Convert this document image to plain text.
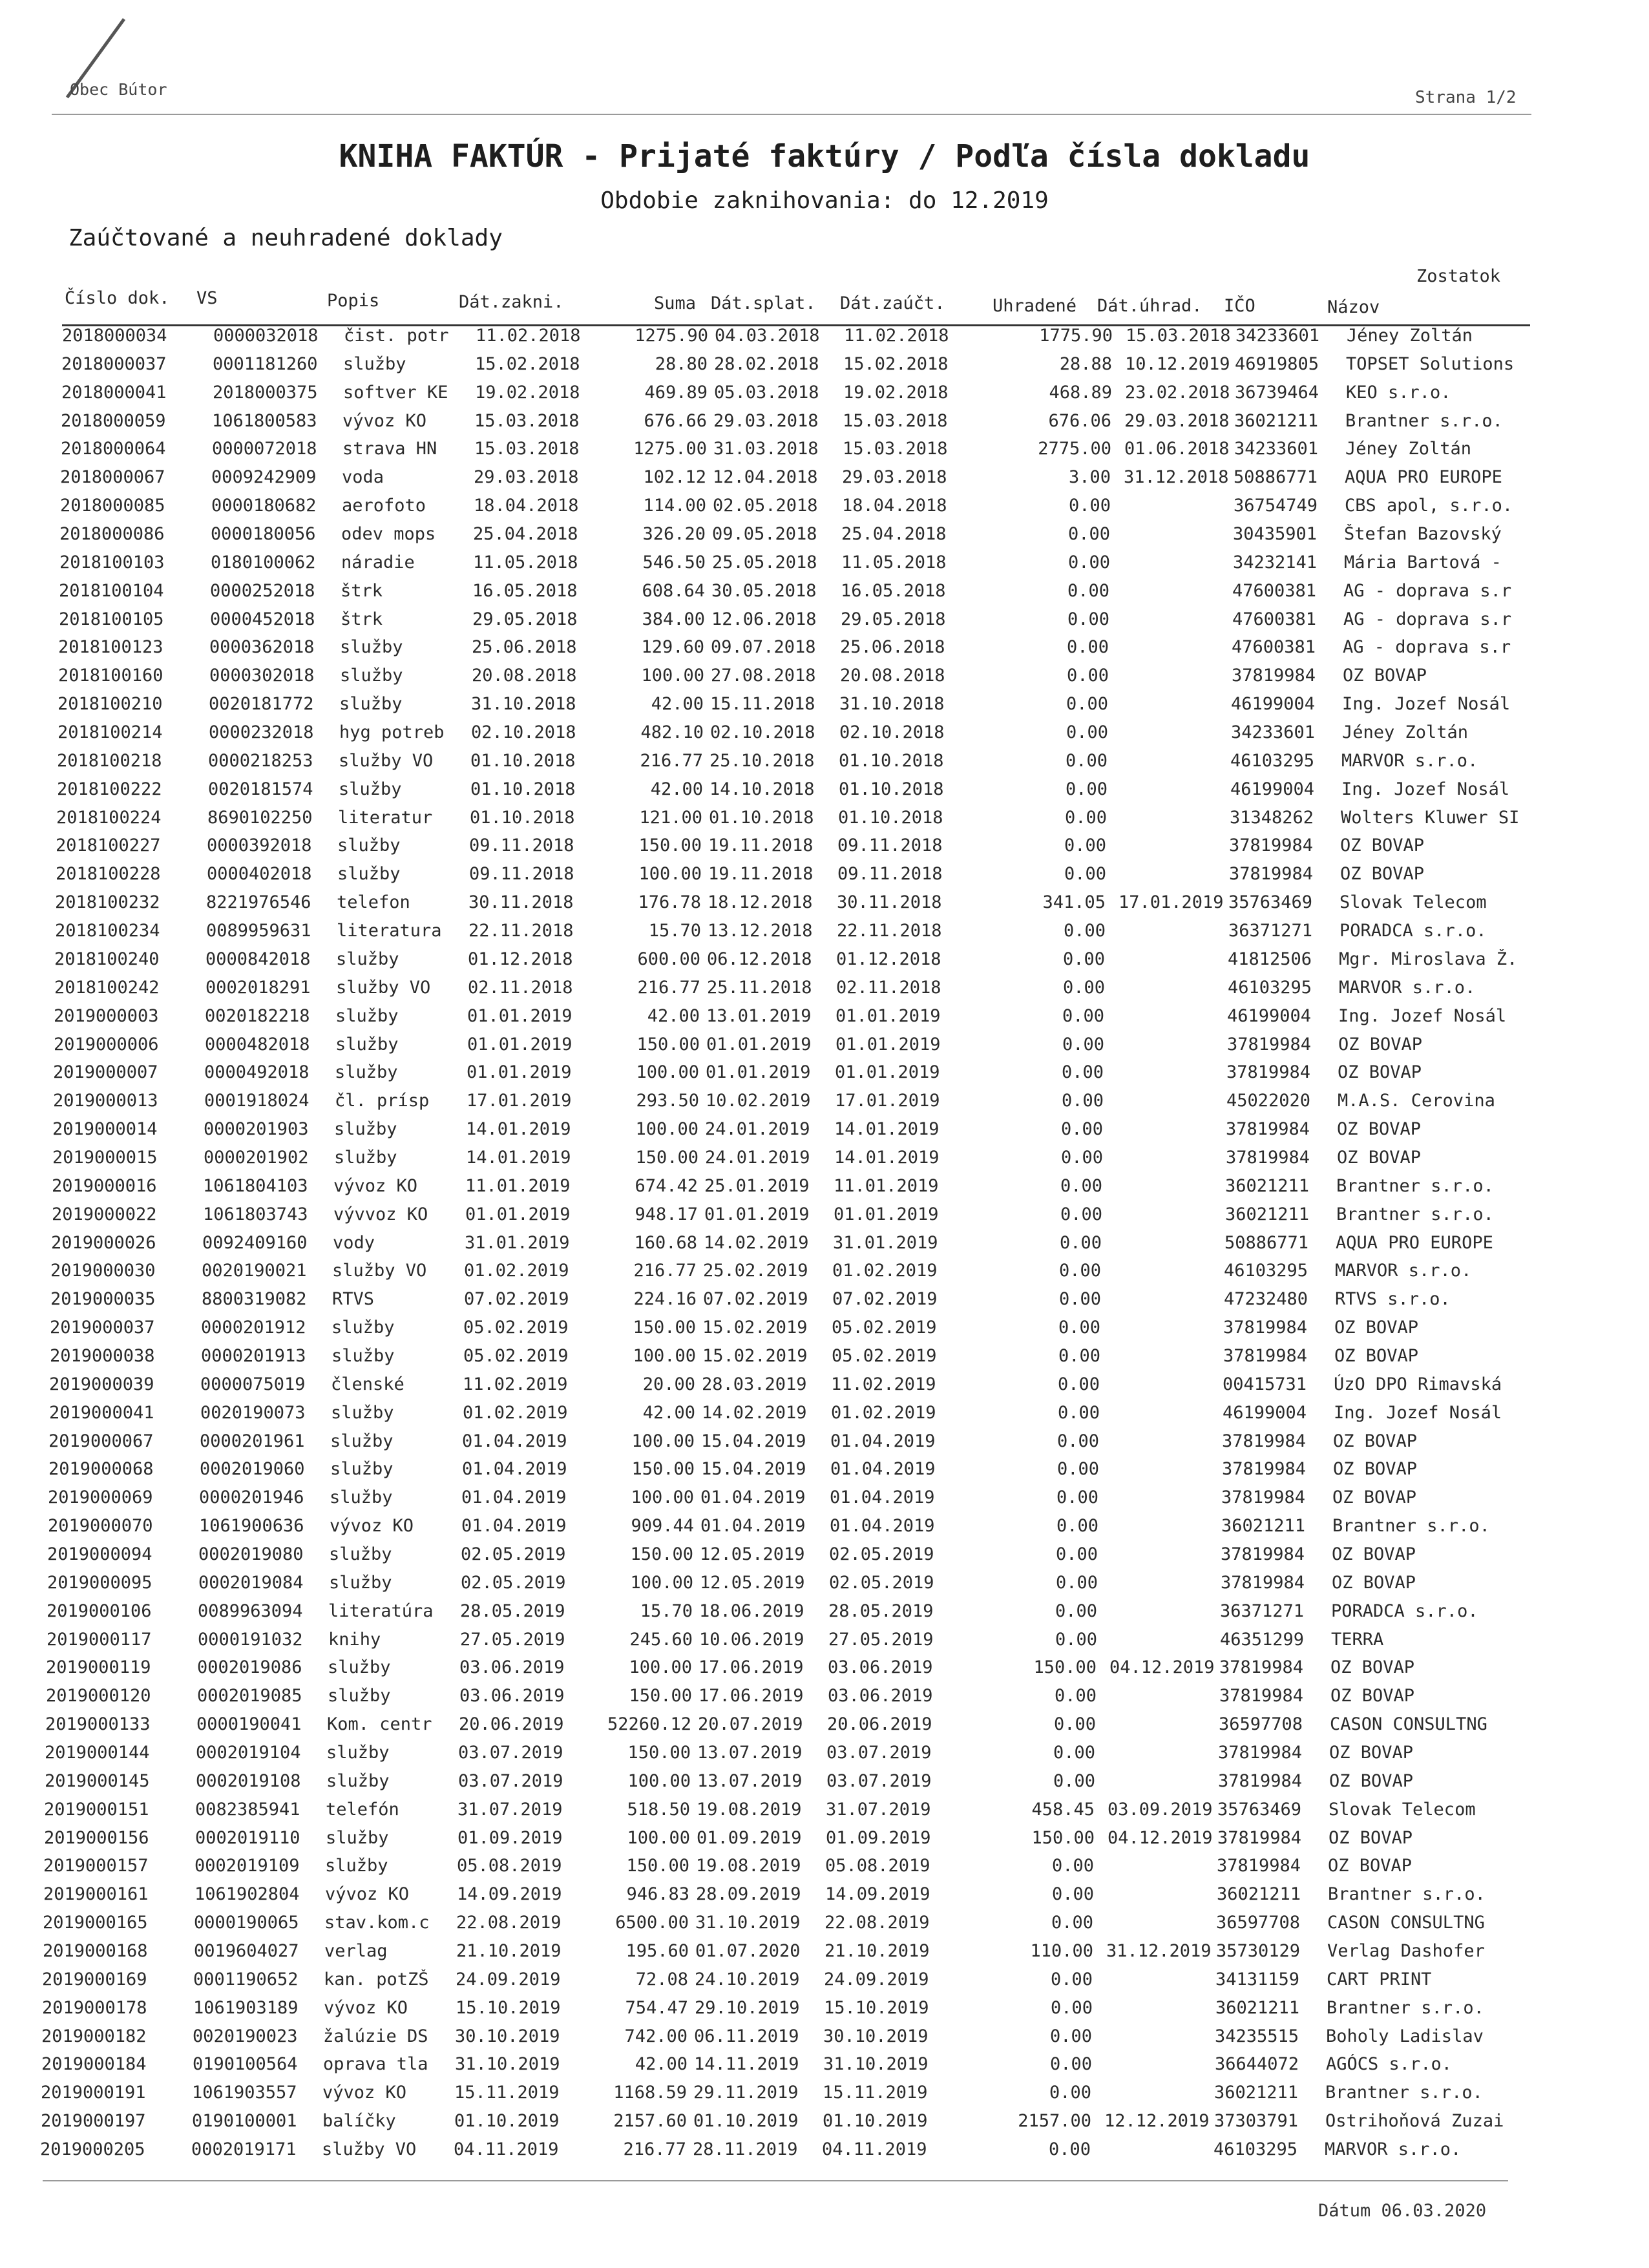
Obec Bútor	Strana 1/2
KNIHA FAKTÚR - Prijaté faktúry / Podľa čísla dokladu
Obdobie zaknihovania: do 12.2019
Zaúčtované a neuhradené doklady
Zostatok
Číslo dok. VS	Popis	Dát.zakni.	Suma Dát.splat. Dát.zaúčt.	Uhradené Dát.úhrad. IČO	Názov
2018000034	0000032018 čist. potr 11.02.2018	1275.90 04.03.2018 11.02.2018	1775.90 15.03.2018 34233601 Jéney Zoltán
2018000037	0001181260 služby	15.02.2018	28.80 28.02.2018 15.02.2018	28.88 10.12.2019 46919805 TOPSET Solutions
2018000041	2018000375 softver KE 19.02.2018	469.89 05.03.2018 19.02.2018	468.89 23.02.2018 36739464 KEO s.r.o.
2018000059	1061800583 vývoz KO	15.03.2018	676.66 29.03.2018 15.03.2018	676.06 29.03.2018 36021211 Brantner s.r.o.
2018000064	0000072018 strava HN 15.03.2018	1275.00 31.03.2018 15.03.2018	2775.00 01.06.2018 34233601 Jéney Zoltán
2018000067	0009242909 voda	29.03.2018	102.12 12.04.2018 29.03.2018	3.00 31.12.2018 50886771 AQUA PRO EUROPE
2018000085	0000180682 aerofoto	18.04.2018	114.00 02.05.2018 18.04.2018	0.00	36754749 CBS apol, s.r.o.
2018000086	0000180056 odev mops 25.04.2018	326.20 09.05.2018 25.04.2018	0.00	30435901 Štefan Bazovský
2018100103	0180100062 náradie	11.05.2018	546.50 25.05.2018 11.05.2018	0.00	34232141 Mária Bartová -
2018100104	0000252018 štrk	16.05.2018	608.64 30.05.2018 16.05.2018	0.00	47600381 AG - doprava s.r
2018100105	0000452018 štrk	29.05.2018	384.00 12.06.2018 29.05.2018	0.00	47600381 AG - doprava s.r
2018100123	0000362018 služby	25.06.2018	129.60 09.07.2018 25.06.2018	0.00	47600381 AG - doprava s.r
2018100160	0000302018 služby	20.08.2018	100.00 27.08.2018 20.08.2018	0.00	37819984 OZ BOVAP
2018100210	0020181772 služby	31.10.2018	42.00 15.11.2018 31.10.2018	0.00	46199004 Ing. Jozef Nosál
2018100214	0000232018 hyg potreb 02.10.2018	482.10 02.10.2018 02.10.2018	0.00	34233601 Jéney Zoltán
2018100218	0000218253 služby VO 01.10.2018	216.77 25.10.2018 01.10.2018	0.00	46103295 MARVOR s.r.o.
2018100222	0020181574 služby	01.10.2018	42.00 14.10.2018 01.10.2018	0.00	46199004 Ing. Jozef Nosál
2018100224	8690102250 literatur 01.10.2018	121.00 01.10.2018 01.10.2018	0.00	31348262 Wolters Kluwer SI
2018100227	0000392018 služby	09.11.2018	150.00 19.11.2018 09.11.2018	0.00	37819984 OZ BOVAP
2018100228	0000402018 služby	09.11.2018	100.00 19.11.2018 09.11.2018	0.00	37819984 OZ BOVAP
2018100232	8221976546 telefon	30.11.2018	176.78 18.12.2018 30.11.2018	341.05 17.01.2019 35763469 Slovak Telecom
2018100234	0089959631 literatura 22.11.2018	15.70 13.12.2018 22.11.2018	0.00	36371271 PORADCA s.r.o.
2018100240	0000842018 služby	01.12.2018	600.00 06.12.2018 01.12.2018	0.00	41812506 Mgr. Miroslava Ž.
2018100242	0002018291 služby VO 02.11.2018	216.77 25.11.2018 02.11.2018	0.00	46103295 MARVOR s.r.o.
2019000003	0020182218 služby	01.01.2019	42.00 13.01.2019 01.01.2019	0.00	46199004 Ing. Jozef Nosál
2019000006	0000482018 služby	01.01.2019	150.00 01.01.2019 01.01.2019	0.00	37819984 OZ BOVAP
2019000007	0000492018 služby	01.01.2019	100.00 01.01.2019 01.01.2019	0.00	37819984 OZ BOVAP
2019000013	0001918024 čl. prísp 17.01.2019	293.50 10.02.2019 17.01.2019	0.00	45022020 M.A.S. Cerovina
2019000014	0000201903 služby	14.01.2019	100.00 24.01.2019 14.01.2019	0.00	37819984 OZ BOVAP
2019000015	0000201902 služby	14.01.2019	150.00 24.01.2019 14.01.2019	0.00	37819984 OZ BOVAP
2019000016	1061804103 vývoz KO	11.01.2019	674.42 25.01.2019 11.01.2019	0.00	36021211 Brantner s.r.o.
2019000022	1061803743 vývvoz KO 01.01.2019	948.17 01.01.2019 01.01.2019	0.00	36021211 Brantner s.r.o.
2019000026	0092409160 vody	31.01.2019	160.68 14.02.2019 31.01.2019	0.00	50886771 AQUA PRO EUROPE
2019000030	0020190021 služby VO 01.02.2019	216.77 25.02.2019 01.02.2019	0.00	46103295 MARVOR s.r.o.
2019000035	8800319082 RTVS	07.02.2019	224.16 07.02.2019 07.02.2019	0.00	47232480 RTVS s.r.o.
2019000037	0000201912 služby	05.02.2019	150.00 15.02.2019 05.02.2019	0.00	37819984 OZ BOVAP
2019000038	0000201913 služby	05.02.2019	100.00 15.02.2019 05.02.2019	0.00	37819984 OZ BOVAP
2019000039	0000075019 členské	11.02.2019	20.00 28.03.2019 11.02.2019	0.00	00415731 ÚzO DPO Rimavská
2019000041	0020190073 služby	01.02.2019	42.00 14.02.2019 01.02.2019	0.00	46199004 Ing. Jozef Nosál
2019000067	0000201961 služby	01.04.2019	100.00 15.04.2019 01.04.2019	0.00	37819984 OZ BOVAP
2019000068	0002019060 služby	01.04.2019	150.00 15.04.2019 01.04.2019	0.00	37819984 OZ BOVAP
2019000069	0000201946 služby	01.04.2019	100.00 01.04.2019 01.04.2019	0.00	37819984 OZ BOVAP
2019000070	1061900636 vývoz KO	01.04.2019	909.44 01.04.2019 01.04.2019	0.00	36021211 Brantner s.r.o.
2019000094	0002019080 služby	02.05.2019	150.00 12.05.2019 02.05.2019	0.00	37819984 OZ BOVAP
2019000095	0002019084 služby	02.05.2019	100.00 12.05.2019 02.05.2019	0.00	37819984 OZ BOVAP
2019000106	0089963094 literatúra 28.05.2019	15.70 18.06.2019 28.05.2019	0.00	36371271 PORADCA s.r.o.
2019000117	0000191032 knihy	27.05.2019	245.60 10.06.2019 27.05.2019	0.00	46351299 TERRA
2019000119	0002019086 služby	03.06.2019	100.00 17.06.2019 03.06.2019	150.00 04.12.2019 37819984 OZ BOVAP
2019000120	0002019085 služby	03.06.2019	150.00 17.06.2019 03.06.2019	0.00	37819984 OZ BOVAP
2019000133	0000190041 Kom. centr 20.06.2019	52260.12 20.07.2019 20.06.2019	0.00	36597708 CASON CONSULTNG
2019000144	0002019104 služby	03.07.2019	150.00 13.07.2019 03.07.2019	0.00	37819984 OZ BOVAP
2019000145	0002019108 služby	03.07.2019	100.00 13.07.2019 03.07.2019	0.00	37819984 OZ BOVAP
2019000151	0082385941 telefón	31.07.2019	518.50 19.08.2019 31.07.2019	458.45 03.09.2019 35763469 Slovak Telecom
2019000156	0002019110 služby	01.09.2019	100.00 01.09.2019 01.09.2019	150.00 04.12.2019 37819984 OZ BOVAP
2019000157	0002019109 služby	05.08.2019	150.00 19.08.2019 05.08.2019	0.00	37819984 OZ BOVAP
2019000161	1061902804 vývoz KO	14.09.2019	946.83 28.09.2019 14.09.2019	0.00	36021211 Brantner s.r.o.
2019000165	0000190065 stav.kom.c 22.08.2019	6500.00 31.10.2019 22.08.2019	0.00	36597708 CASON CONSULTNG
2019000168	0019604027 verlag	21.10.2019	195.60 01.07.2020 21.10.2019	110.00 31.12.2019 35730129 Verlag Dashofer
2019000169	0001190652 kan. potZŠ 24.09.2019	72.08 24.10.2019 24.09.2019	0.00	34131159 CART PRINT
2019000178	1061903189 vývoz KO	15.10.2019	754.47 29.10.2019 15.10.2019	0.00	36021211 Brantner s.r.o.
2019000182	0020190023 žalúzie DS 30.10.2019	742.00 06.11.2019 30.10.2019	0.00	34235515 Boholy Ladislav
2019000184	0190100564 oprava tla 31.10.2019	42.00 14.11.2019 31.10.2019	0.00	36644072 AGÓCS s.r.o.
2019000191	1061903557 vývoz KO	15.11.2019	1168.59 29.11.2019 15.11.2019	0.00	36021211 Brantner s.r.o.
2019000197	0190100001 balíčky	01.10.2019	2157.60 01.10.2019 01.10.2019	2157.00 12.12.2019 37303791 Ostrihoňová Zuzai
2019000205	0002019171 služby VO 04.11.2019	216.77 28.11.2019 04.11.2019	0.00	46103295 MARVOR s.r.o.
Dátum 06.03.2020
